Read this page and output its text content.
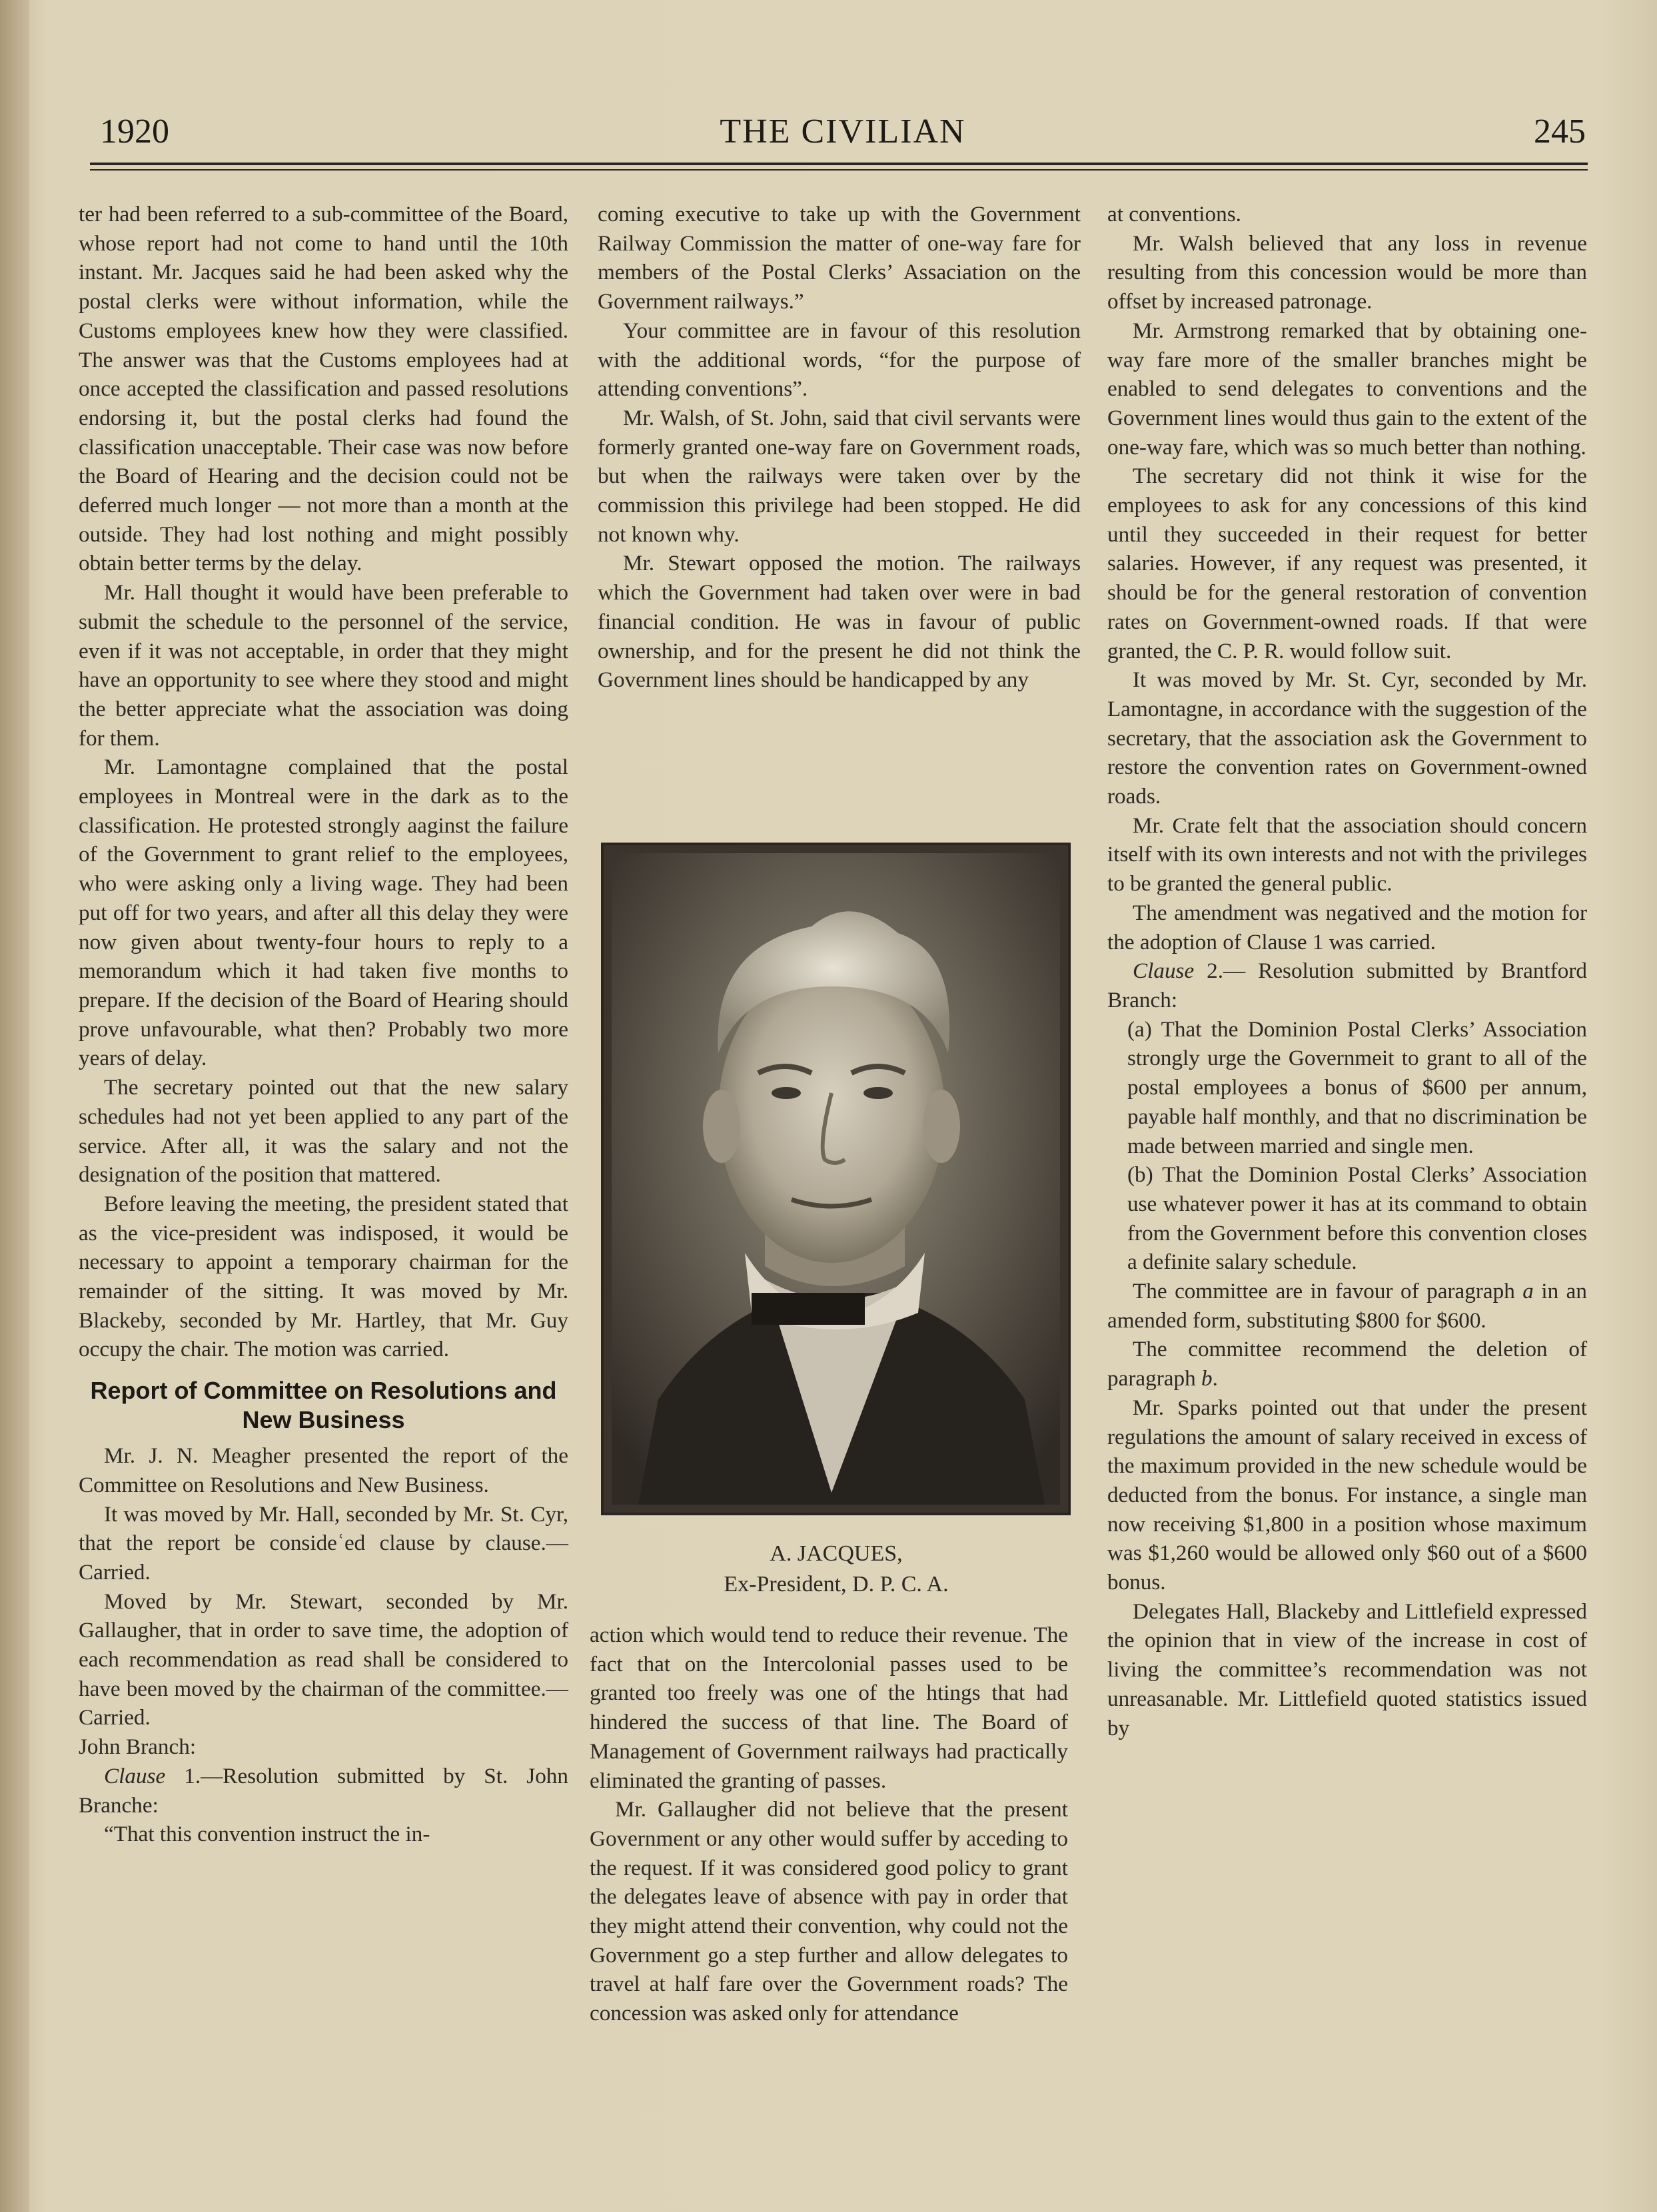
1920	THE CIVILIAN	245

ter had been referred to a sub-committee of the Board, whose report had not come to hand until the 10th instant. Mr. Jacques said he had been asked why the postal clerks were without information, while the Customs employees knew how they were classified. The answer was that the Customs employees had at once accepted the classification and passed resolutions endorsing it, but the postal clerks had found the classification unacceptable. Their case was now before the Board of Hearing and the decision could not be deferred much longer — not more than a month at the outside. They had lost nothing and might possibly obtain better terms by the delay.

Mr. Hall thought it would have been preferable to submit the schedule to the personnel of the service, even if it was not acceptable, in order that they might have an opportunity to see where they stood and might the better appreciate what the association was doing for them.

Mr. Lamontagne complained that the postal employees in Montreal were in the dark as to the classification. He protested strongly aaginst the failure of the Government to grant relief to the employees, who were asking only a living wage. They had been put off for two years, and after all this delay they were now given about twenty-four hours to reply to a memorandum which it had taken five months to prepare. If the decision of the Board of Hearing should prove unfavourable, what then? Probably two more years of delay.

The secretary pointed out that the new salary schedules had not yet been applied to any part of the service. After all, it was the salary and not the designation of the position that mattered.

Before leaving the meeting, the president stated that as the vice-president was indisposed, it would be necessary to appoint a temporary chairman for the remainder of the sitting. It was moved by Mr. Blackeby, seconded by Mr. Hartley, that Mr. Guy occupy the chair. The motion was carried.

Report of Committee on Resolutions and New Business

Mr. J. N. Meagher presented the report of the Committee on Resolutions and New Business.

It was moved by Mr. Hall, seconded by Mr. St. Cyr, that the report be consideʿed clause by clause.—Carried.

Moved by Mr. Stewart, seconded by Mr. Gallaugher, that in order to save time, the adoption of each recommendation as read shall be considered to have been moved by the chairman of the committee.—Carried.

John Branch:

Clause 1.—Resolution submitted by St. John Branche:

“That this convention instruct the in-

coming executive to take up with the Government Railway Commission the matter of one-way fare for members of the Postal Clerks’ Assaciation on the Government railways.”

Your committee are in favour of this resolution with the additional words, “for the purpose of attending conventions”.

Mr. Walsh, of St. John, said that civil servants were formerly granted one-way fare on Government roads, but when the railways were taken over by the commission this privilege had been stopped. He did not known why.

Mr. Stewart opposed the motion. The railways which the Government had taken over were in bad financial condition. He was in favour of public ownership, and for the present he did not think the Government lines should be handicapped by any

A. JACQUES,
Ex-President, D. P. C. A.

action which would tend to reduce their revenue. The fact that on the Intercolonial passes used to be granted too freely was one of the htings that had hindered the success of that line. The Board of Management of Government railways had practically eliminated the granting of passes.

Mr. Gallaugher did not believe that the present Government or any other would suffer by acceding to the request. If it was considered good policy to grant the delegates leave of absence with pay in order that they might attend their convention, why could not the Government go a step further and allow delegates to travel at half fare over the Government roads? The concession was asked only for attendance

at conventions.

Mr. Walsh believed that any loss in revenue resulting from this concession would be more than offset by increased patronage.

Mr. Armstrong remarked that by obtaining one-way fare more of the smaller branches might be enabled to send delegates to conventions and the Government lines would thus gain to the extent of the one-way fare, which was so much better than nothing.

The secretary did not think it wise for the employees to ask for any concessions of this kind until they succeeded in their request for better salaries. However, if any request was presented, it should be for the general restoration of convention rates on Government-owned roads. If that were granted, the C. P. R. would follow suit.

It was moved by Mr. St. Cyr, seconded by Mr. Lamontagne, in accordance with the suggestion of the secretary, that the association ask the Government to restore the convention rates on Government-owned roads.

Mr. Crate felt that the association should concern itself with its own interests and not with the privileges to be granted the general public.

The amendment was negatived and the motion for the adoption of Clause 1 was carried.

Clause 2.— Resolution submitted by Brantford Branch:

(a) That the Dominion Postal Clerks’ Association strongly urge the Governmeit to grant to all of the postal employees a bonus of $600 per annum, payable half monthly, and that no discrimination be made between married and single men.

(b) That the Dominion Postal Clerks’ Association use whatever power it has at its command to obtain from the Government before this convention closes a definite salary schedule.

The committee are in favour of paragraph a in an amended form, substituting $800 for $600.

The committee recommend the deletion of paragraph b.

Mr. Sparks pointed out that under the present regulations the amount of salary received in excess of the maximum provided in the new schedule would be deducted from the bonus. For instance, a single man now receiving $1,800 in a position whose maximum was $1,260 would be allowed only $60 out of a $600 bonus.

Delegates Hall, Blackeby and Littlefield expressed the opinion that in view of the increase in cost of living the committee’s recommendation was not unreasanable. Mr. Littlefield quoted statistics issued by
